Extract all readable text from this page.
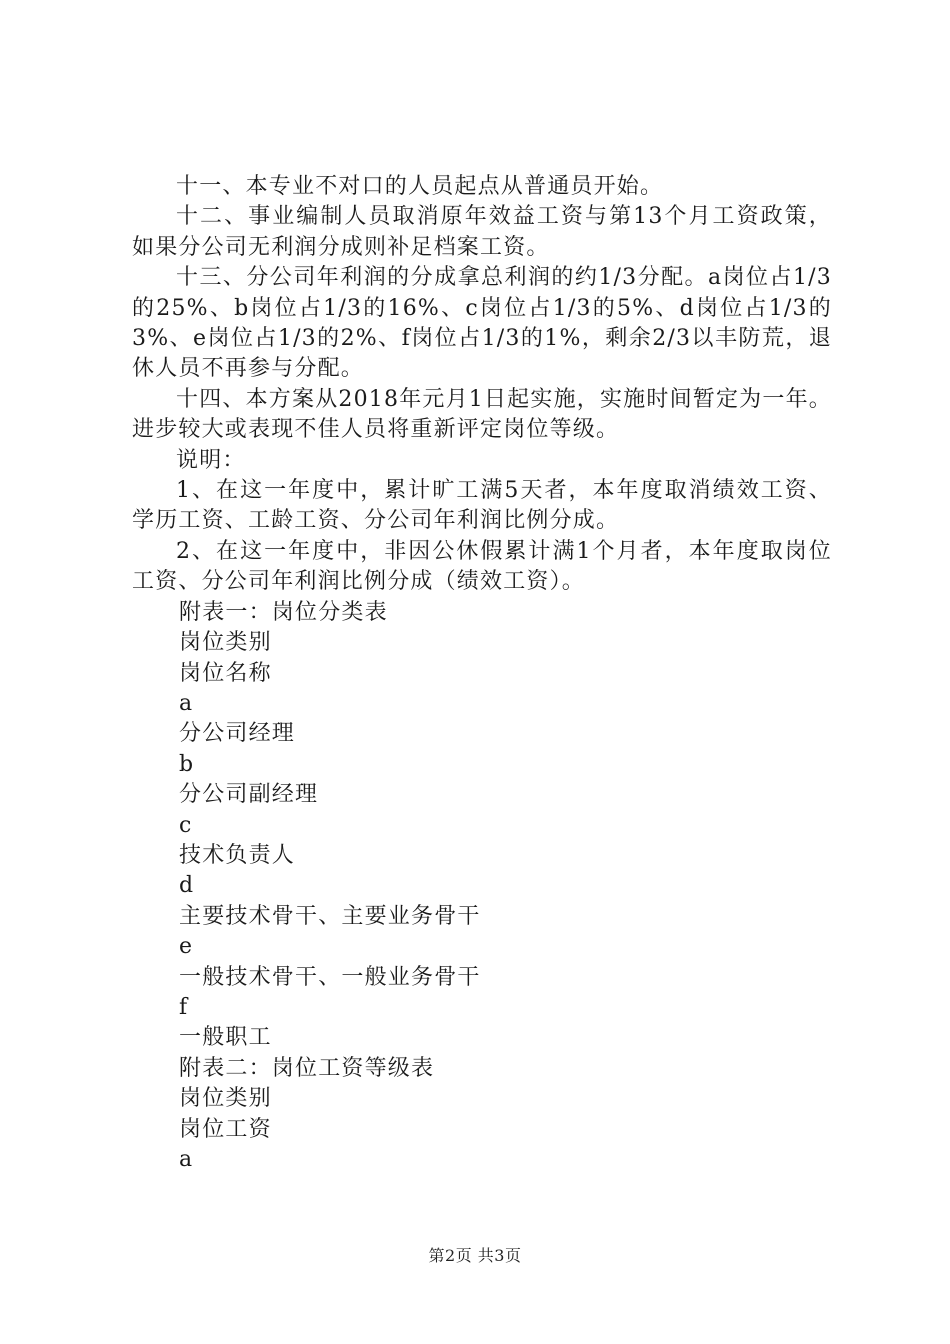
十一、本专业不对口的人员起点从普通员开始。

十二、事业编制人员取消原年效益工资与第13个月工资政策，如果分公司无利润分成则补足档案工资。

十三、分公司年利润的分成拿总利润的约1/3分配。a岗位占1/3的25%、b岗位占1/3的16%、c岗位占1/3的5%、d岗位占1/3的3%、e岗位占1/3的2%、f岗位占1/3的1%，剩余2/3以丰防荒，退休人员不再参与分配。

十四、本方案从2018年元月1日起实施，实施时间暂定为一年。进步较大或表现不佳人员将重新评定岗位等级。

说明：

1、在这一年度中，累计旷工满5天者，本年度取消绩效工资、学历工资、工龄工资、分公司年利润比例分成。

2、在这一年度中，非因公休假累计满1个月者，本年度取岗位工资、分公司年利润比例分成（绩效工资）。

附表一：岗位分类表

岗位类别

岗位名称

a

分公司经理

b

分公司副经理

c

技术负责人

d

主要技术骨干、主要业务骨干

e

一般技术骨干、一般业务骨干

f

一般职工

附表二：岗位工资等级表

岗位类别

岗位工资

a

第2页 共3页
